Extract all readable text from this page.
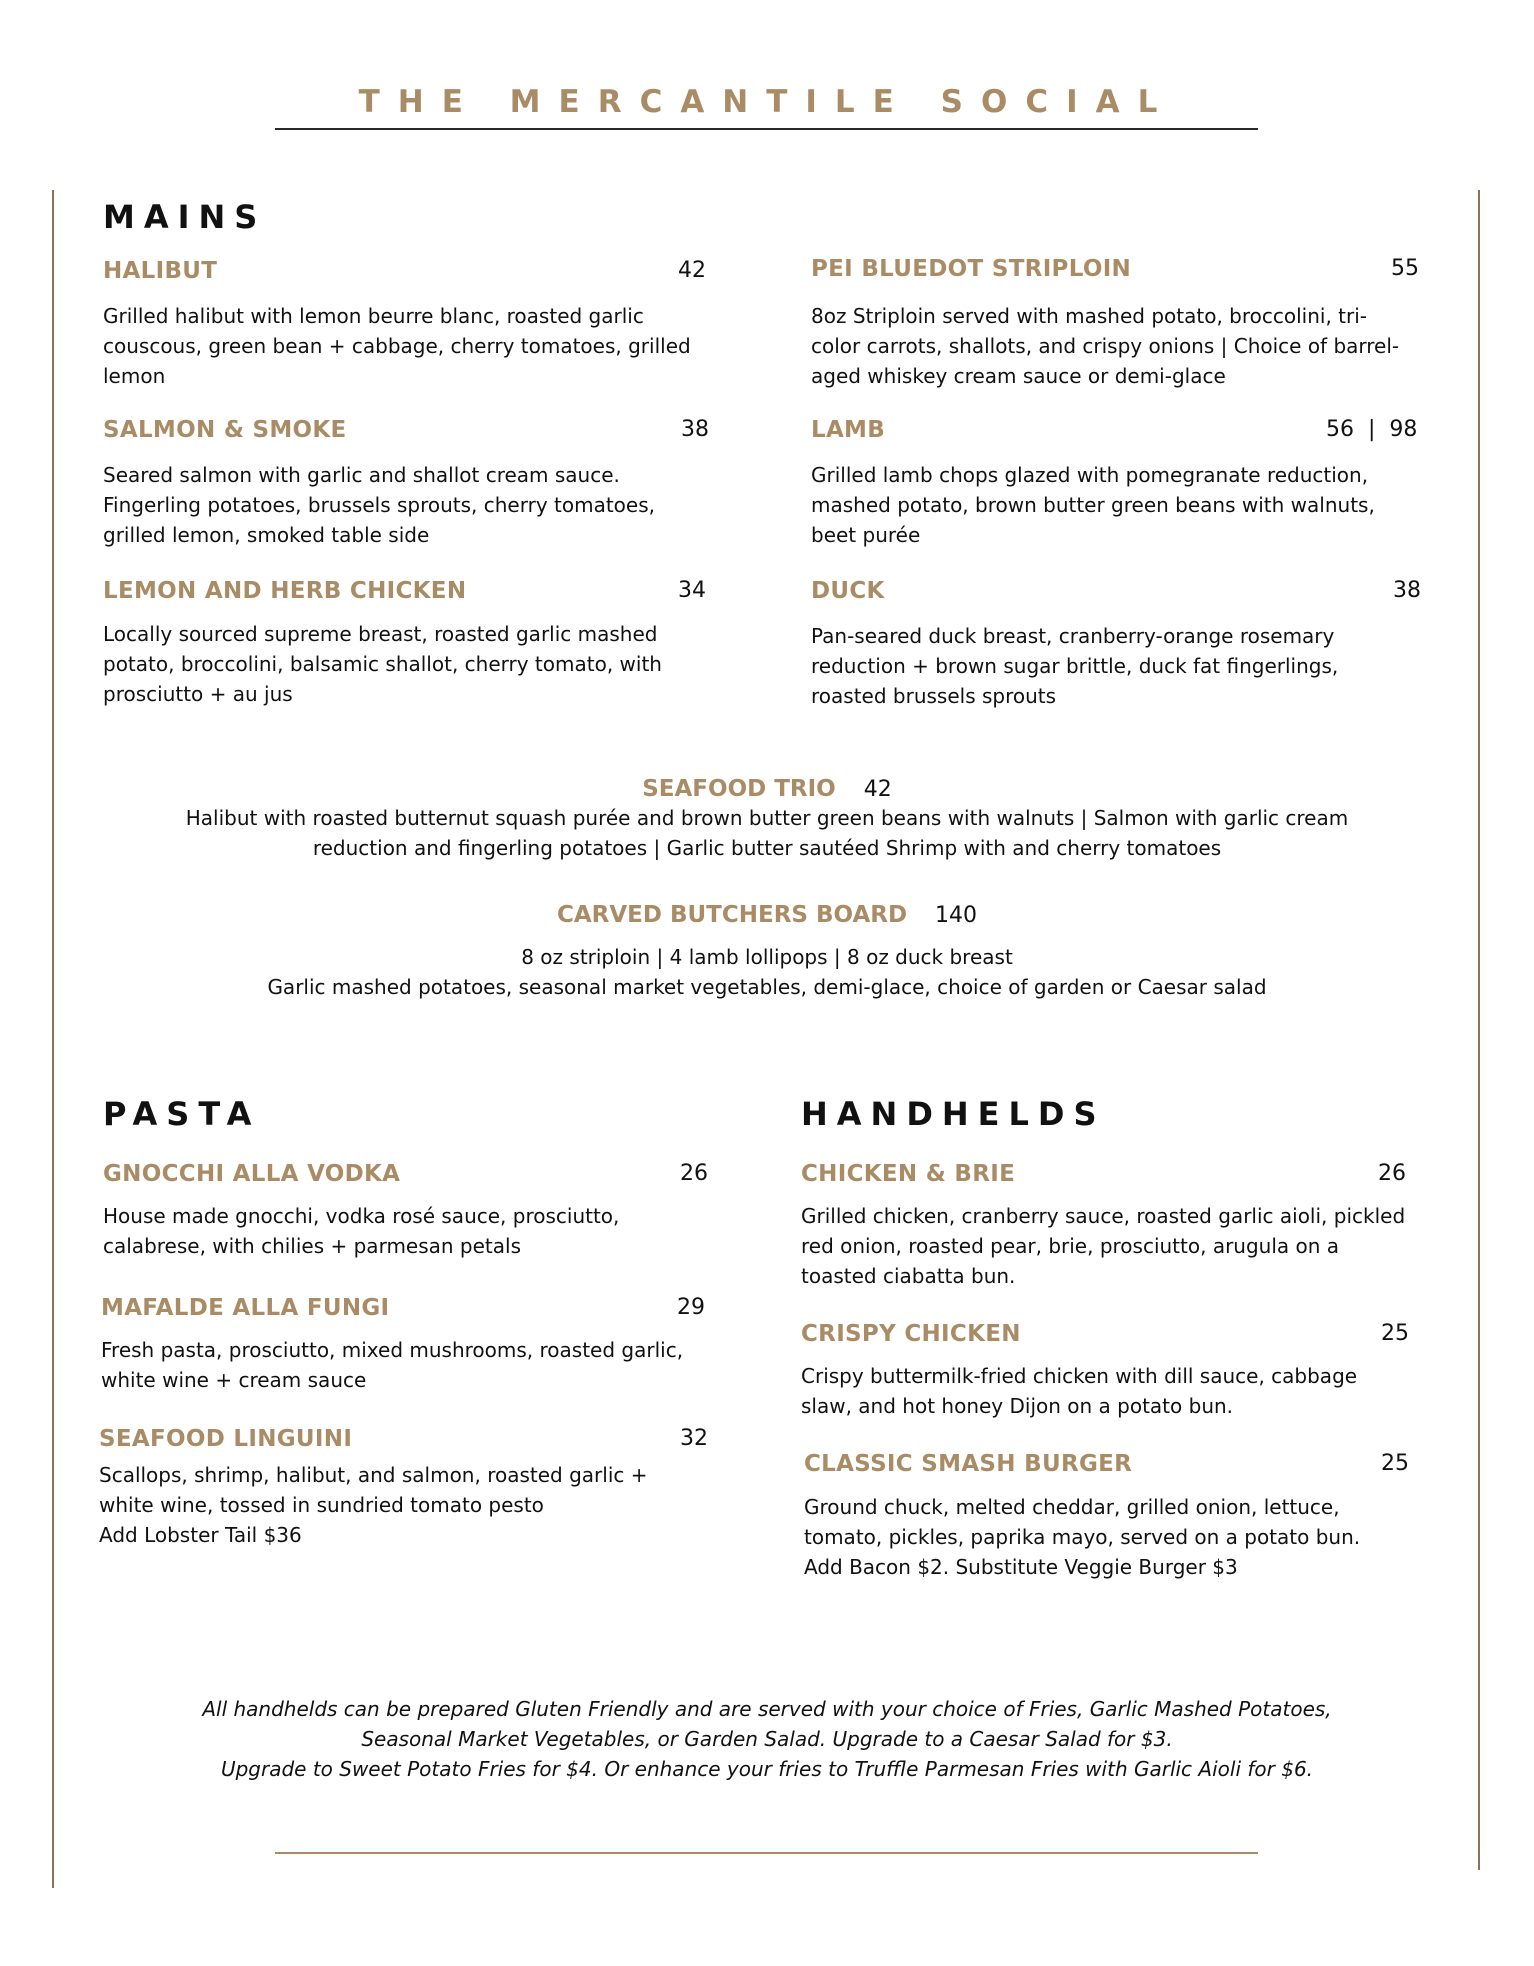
THE MERCANTILE SOCIAL
MAINS
HALIBUT	42
Grilled halibut with lemon beurre blanc, roasted garlic couscous, green bean + cabbage, cherry tomatoes, grilled lemon
PEI BLUEDOT STRIPLOIN	55
8oz Striploin served with mashed potato, broccolini, tri-color carrots, shallots, and crispy onions | Choice of barrel-aged whiskey cream sauce or demi-glace
SALMON & SMOKE	38
Seared salmon with garlic and shallot cream sauce. Fingerling potatoes, brussels sprouts, cherry tomatoes, grilled lemon, smoked table side
LAMB	56  |  98
Grilled lamb chops glazed with pomegranate reduction, mashed potato, brown butter green beans with walnuts, beet purée
LEMON AND HERB CHICKEN	34
Locally sourced supreme breast, roasted garlic mashed potato, broccolini, balsamic shallot, cherry tomato, with prosciutto + au jus
DUCK	38
Pan-seared duck breast, cranberry-orange rosemary reduction + brown sugar brittle, duck fat fingerlings, roasted brussels sprouts
SEAFOOD TRIO 42
Halibut with roasted butternut squash purée and brown butter green beans with walnuts | Salmon with garlic cream
reduction and fingerling potatoes | Garlic butter sautéed Shrimp with and cherry tomatoes
CARVED BUTCHERS BOARD 140
8 oz striploin | 4 lamb lollipops | 8 oz duck breast
Garlic mashed potatoes, seasonal market vegetables, demi-glace, choice of garden or Caesar salad
PASTA
GNOCCHI ALLA VODKA	26
House made gnocchi, vodka rosé sauce, prosciutto, calabrese, with chilies + parmesan petals
MAFALDE ALLA FUNGI	29
Fresh pasta, prosciutto, mixed mushrooms, roasted garlic, white wine + cream sauce
SEAFOOD LINGUINI	32
Scallops, shrimp, halibut, and salmon, roasted garlic + white wine, tossed in sundried tomato pesto
Add Lobster Tail $36
HANDHELDS
CHICKEN & BRIE	26
Grilled chicken, cranberry sauce, roasted garlic aioli, pickled red onion, roasted pear, brie, prosciutto, arugula on a toasted ciabatta bun.
CRISPY CHICKEN	25
Crispy buttermilk-fried chicken with dill sauce, cabbage slaw, and hot honey Dijon on a potato bun.
CLASSIC SMASH BURGER	25
Ground chuck, melted cheddar, grilled onion, lettuce, tomato, pickles, paprika mayo, served on a potato bun.
Add Bacon $2. Substitute Veggie Burger $3
All handhelds can be prepared Gluten Friendly and are served with your choice of Fries, Garlic Mashed Potatoes,
Seasonal Market Vegetables, or Garden Salad. Upgrade to a Caesar Salad for $3.
Upgrade to Sweet Potato Fries for $4. Or enhance your fries to Truffle Parmesan Fries with Garlic Aioli for $6.
